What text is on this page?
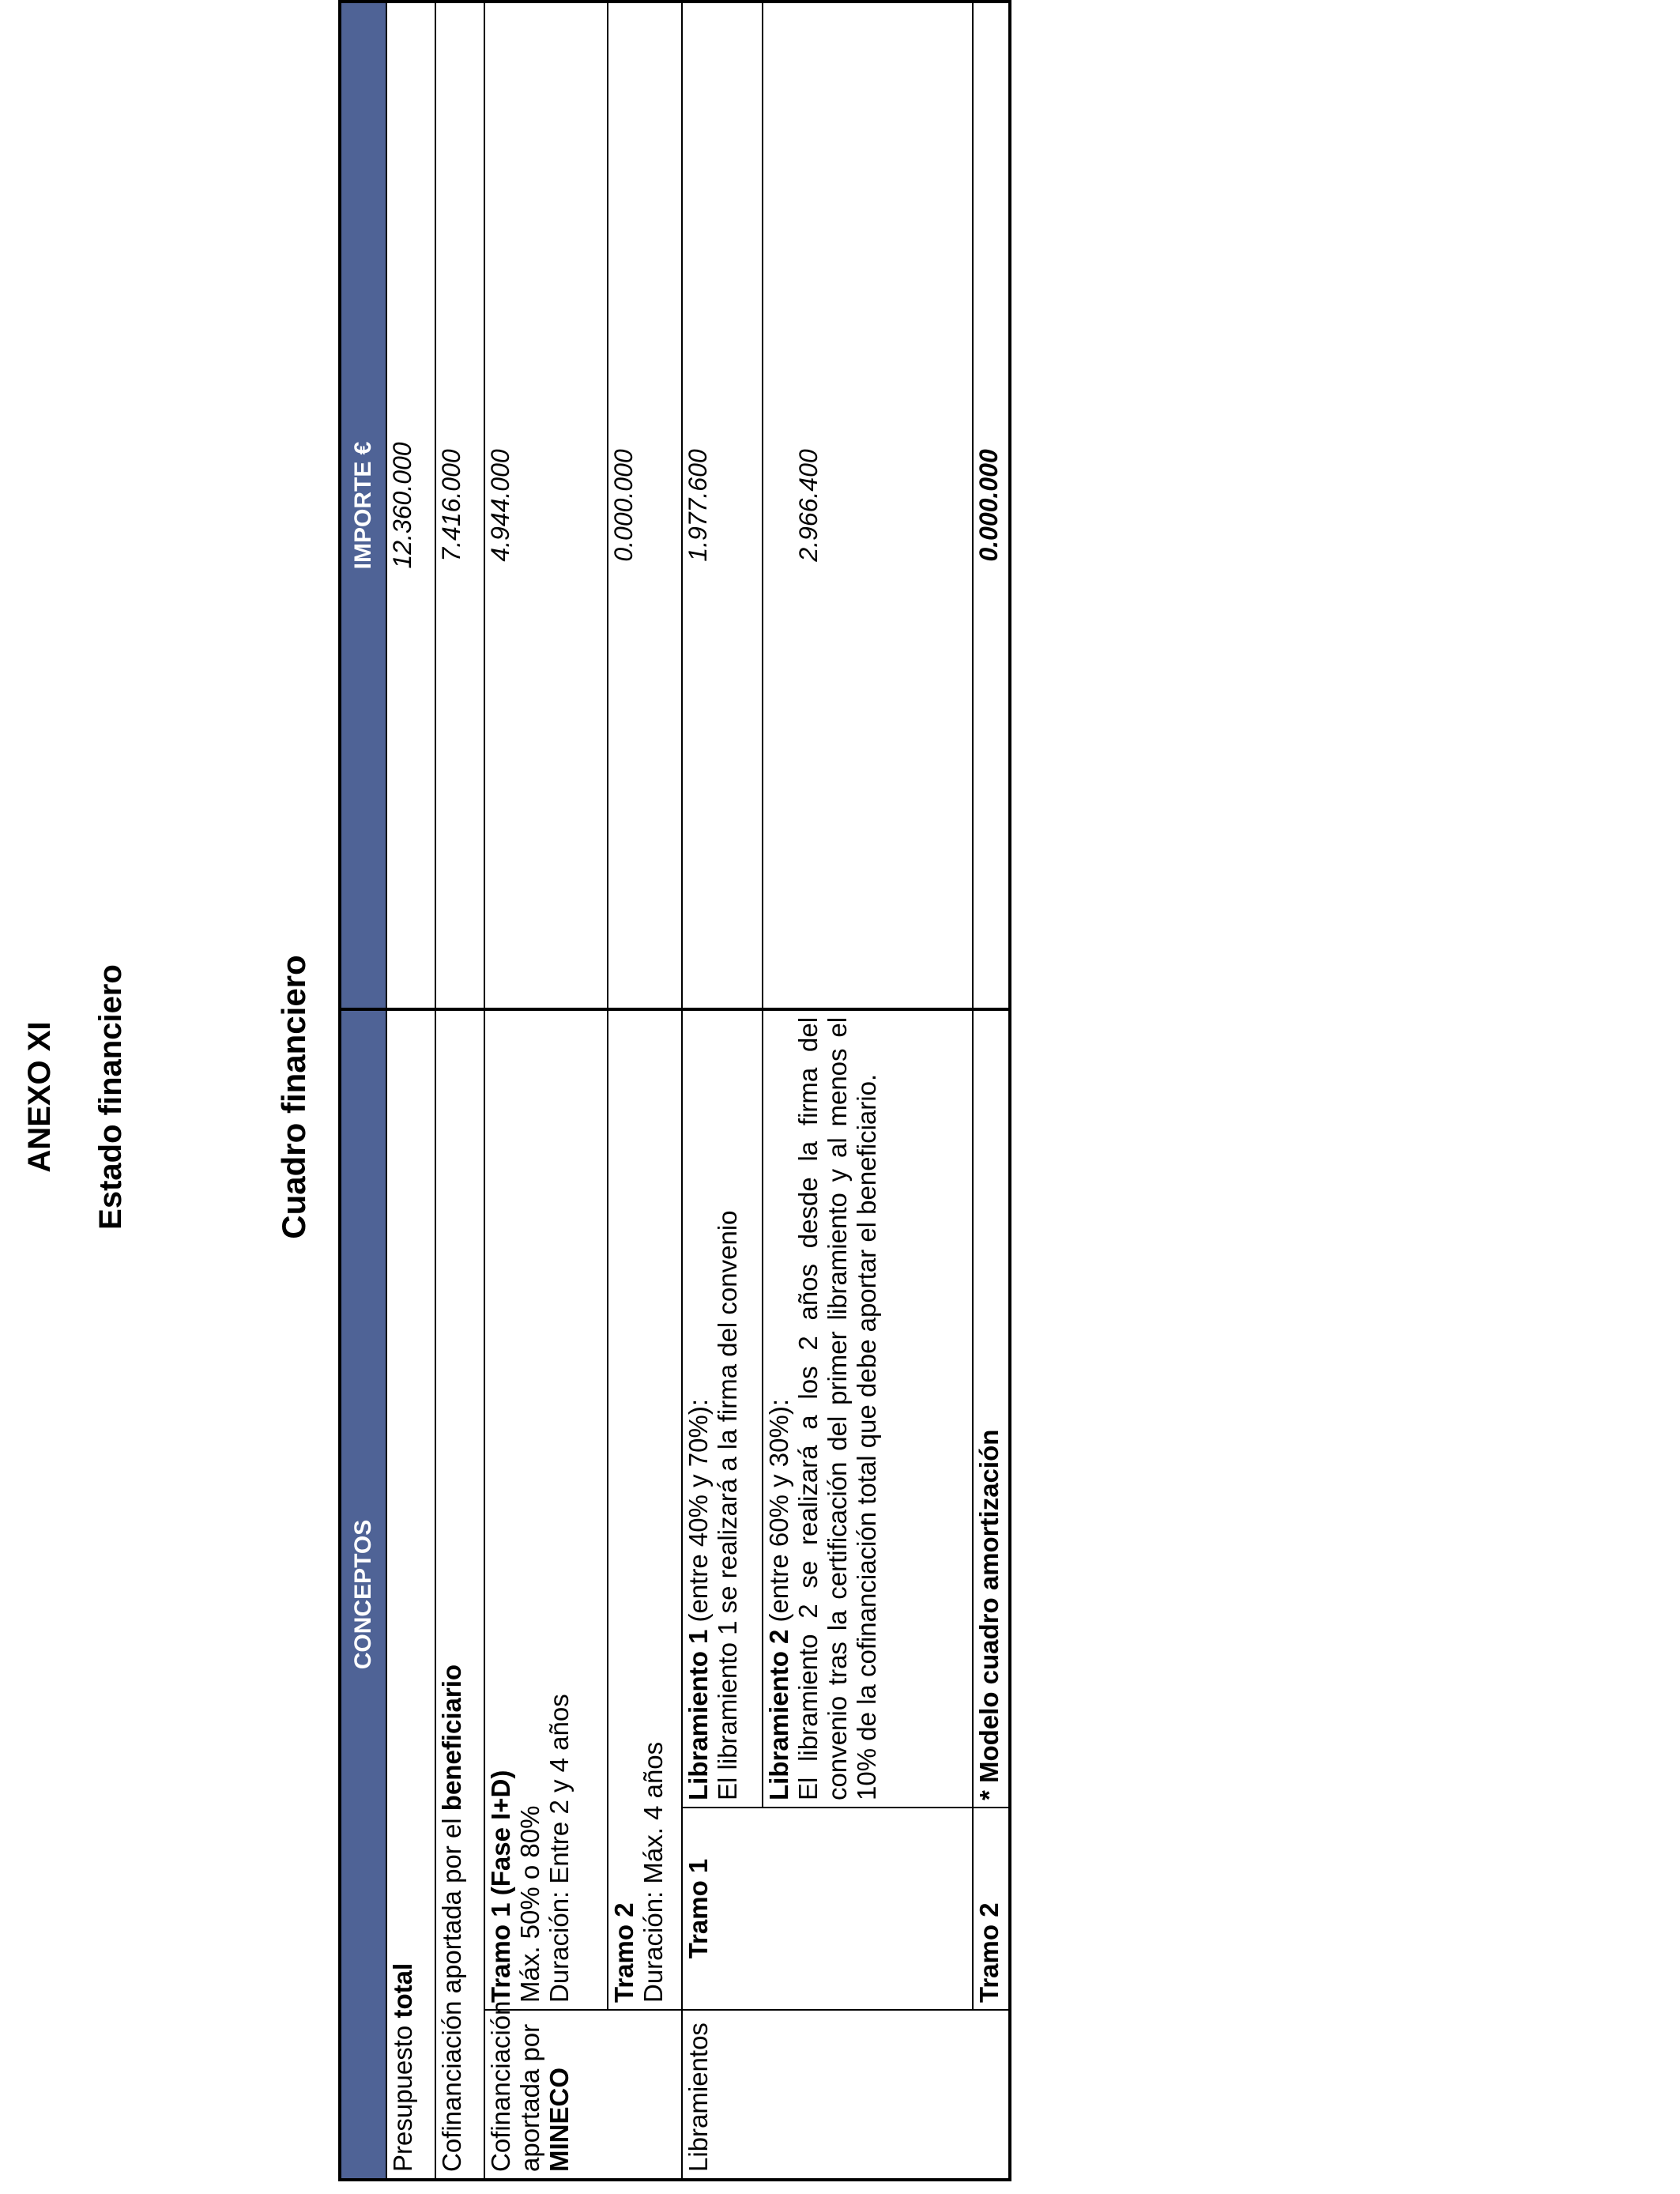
ANEXO XI Estado financiero	Cuadro financiero
CONCEPTOS			IMPORTE €
Presupuesto total			12.360.000
Cofinanciación aportada por el beneficiario			7.416.000

Cofinanciación aportada por MINECO	Tramo 1 (Fase I+D) Máx. 50% o 80% Duración: Entre 2 y 4 años		4.944.000

	Tramo 2 Duración: Máx. 4 años		0.000.000
Libramientos	Tramo 1	Libramiento 1 (entre 40% y 70%): El libramiento 1 se realizará a la firma del convenio	1.977.600

		Libramiento 2 (entre 60% y 30%): El libramiento 2 se realizará a los 2 años desde la firma del convenio tras la certificación del primer libramiento y al menos el 10% de la cofinanciación total que debe aportar el beneficiario.	2.966.400
	Tramo 2	* Modelo cuadro amortización	0.000.000
